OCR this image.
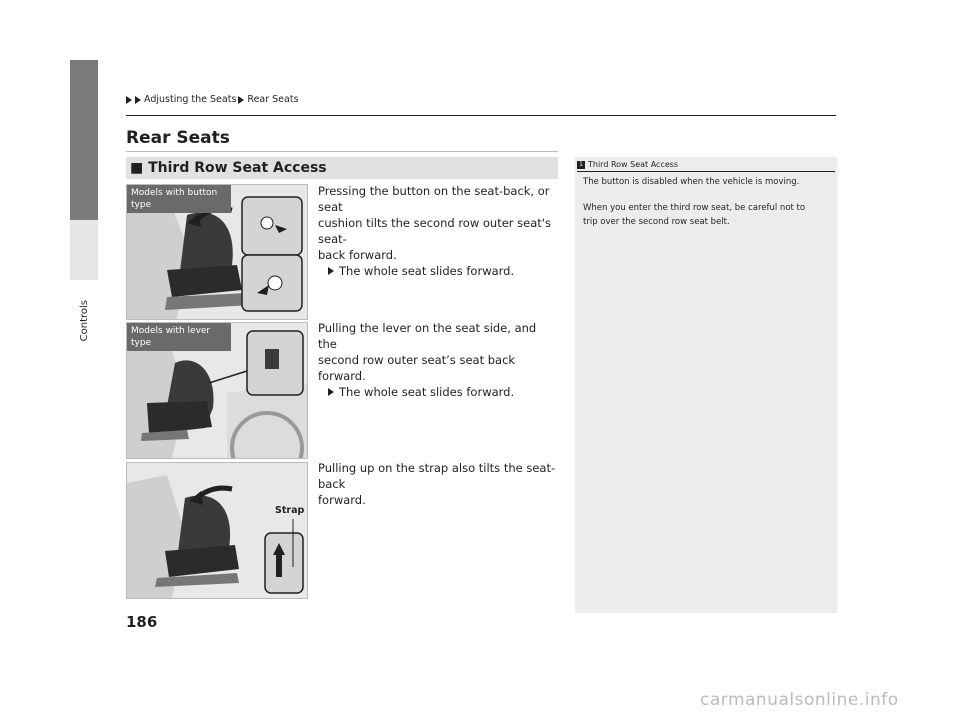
Controls
Adjusting the Seats Rear Seats
Rear Seats
■ Third Row Seat Access	1 Third Row Seat Access
The button is disabled when the vehicle is moving.
When you enter the third row seat, be careful not to
trip over the second row seat belt.
Models with button
type
Models with lever
type
Strap
Pressing the button on the seat-back, or seat
cushion tilts the second row outer seat's seat-
back forward.
The whole seat slides forward.
Pulling the lever on the seat side, and the
second row outer seat’s seat back forward.
The whole seat slides forward.
Pulling up on the strap also tilts the seat-back
forward.
186
carmanualsonline.info
